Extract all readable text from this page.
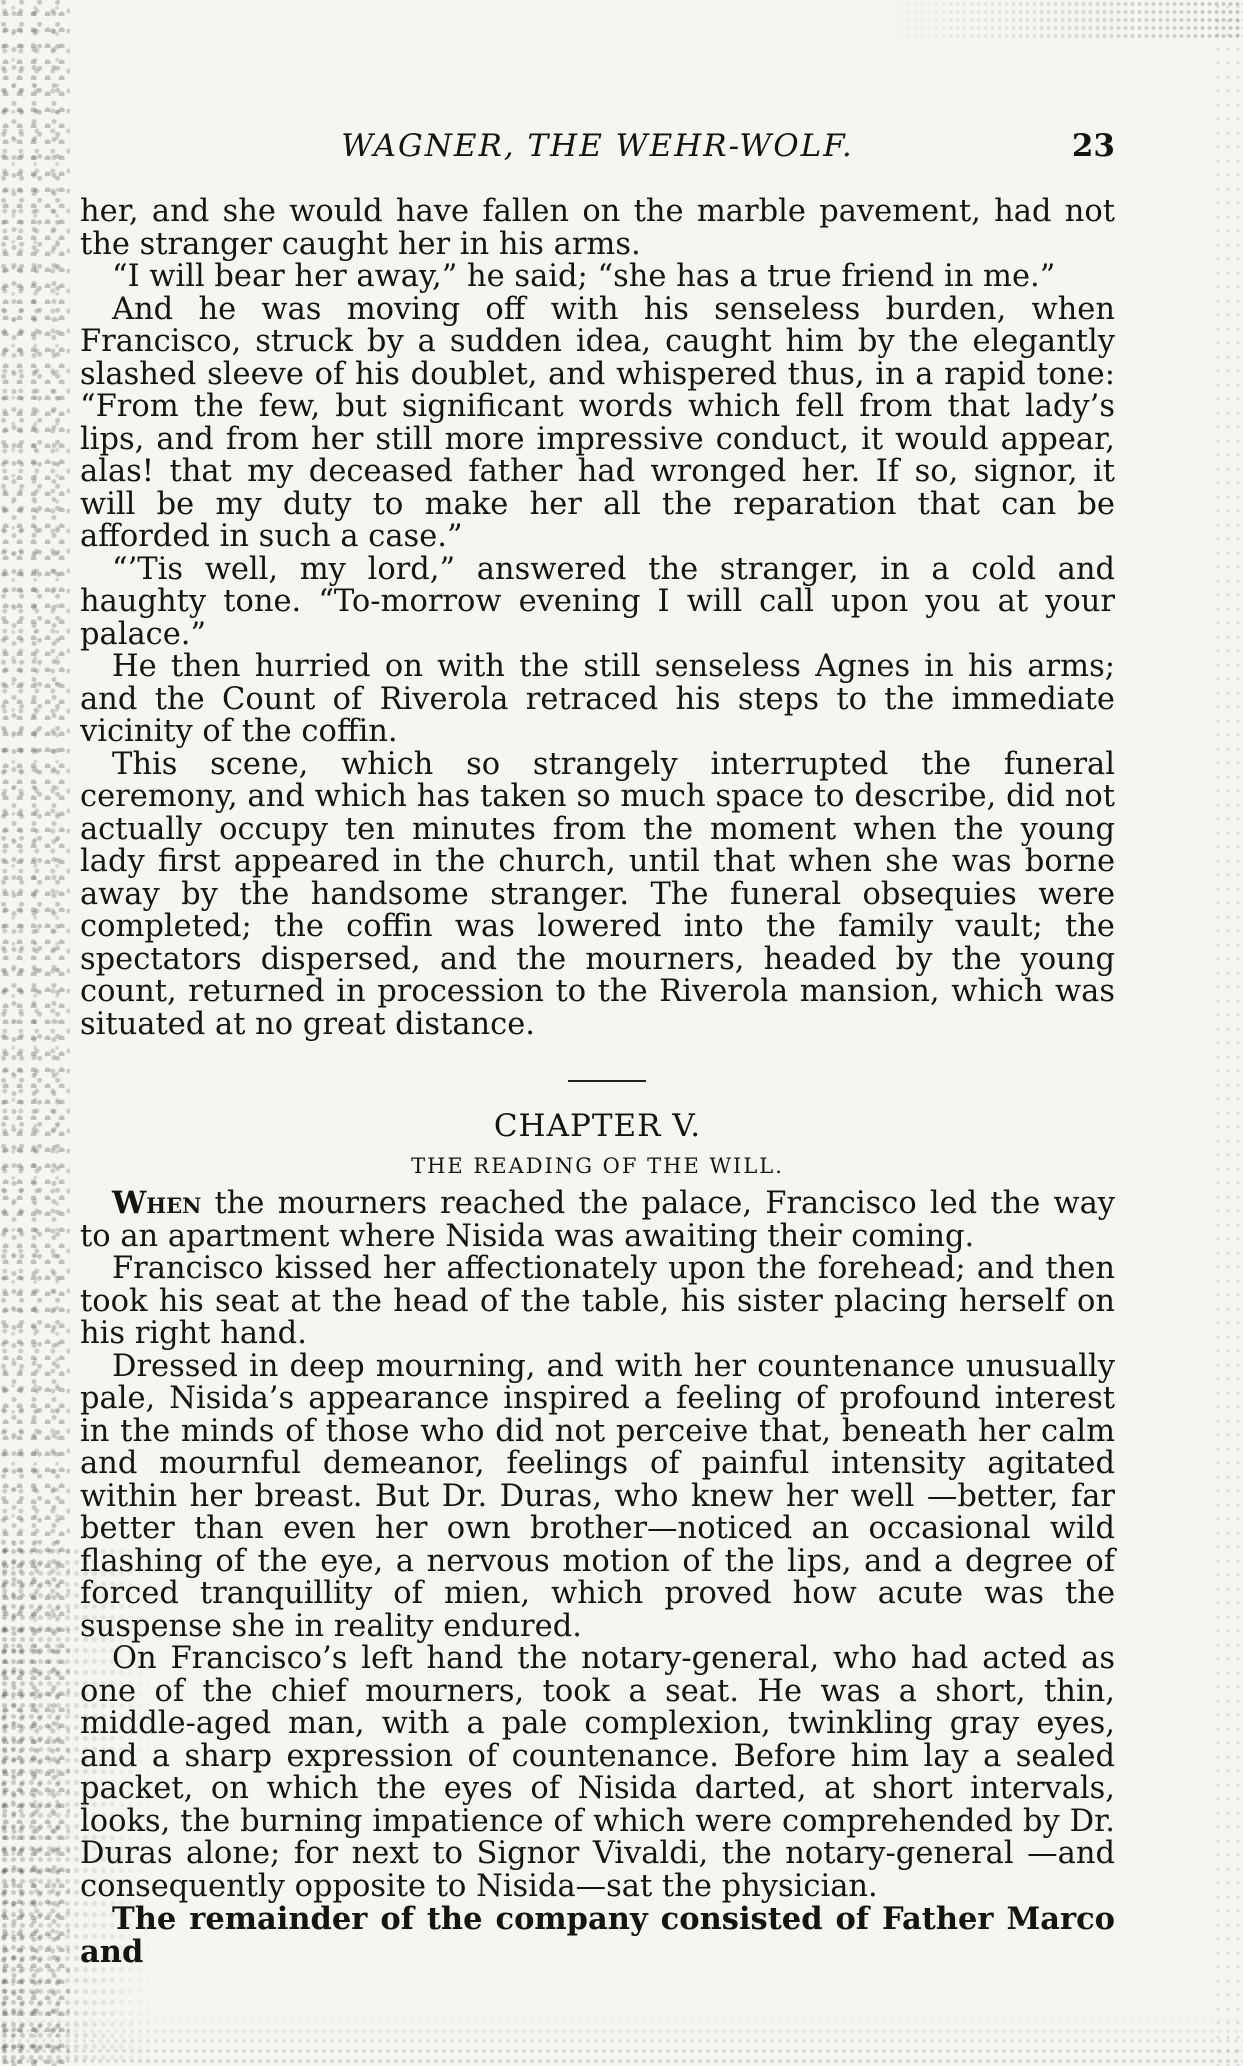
WAGNER, THE WEHR-WOLF.	23

her, and she would have fallen on the marble pavement, had not the stranger caught her in his arms.

“I will bear her away,” he said; “she has a true friend in me.”

And he was moving off with his senseless burden, when Francisco, struck by a sudden idea, caught him by the elegantly slashed sleeve of his doublet, and whispered thus, in a rapid tone: “From the few, but significant words which fell from that lady’s lips, and from her still more impressive conduct, it would appear, alas! that my deceased father had wronged her. If so, signor, it will be my duty to make her all the reparation that can be afforded in such a case.”

“’Tis well, my lord,” answered the stranger, in a cold and haughty tone. “To-morrow evening I will call upon you at your palace.”

He then hurried on with the still senseless Agnes in his arms; and the Count of Riverola retraced his steps to the immediate vicinity of the coffin.

This scene, which so strangely interrupted the funeral ceremony, and which has taken so much space to describe, did not actually occupy ten minutes from the moment when the young lady first appeared in the church, until that when she was borne away by the handsome stranger. The funeral obsequies were completed; the coffin was lowered into the family vault; the spectators dispersed, and the mourners, headed by the young count, returned in procession to the Riverola mansion, which was situated at no great distance.

CHAPTER V.
THE READING OF THE WILL.

When the mourners reached the palace, Francisco led the way to an apartment where Nisida was awaiting their coming.

Francisco kissed her affectionately upon the forehead; and then took his seat at the head of the table, his sister placing herself on his right hand.

Dressed in deep mourning, and with her countenance unusually pale, Nisida’s appearance inspired a feeling of profound interest in the minds of those who did not perceive that, beneath her calm and mournful demeanor, feelings of painful intensity agitated within her breast. But Dr. Duras, who knew her well —better, far better than even her own brother—noticed an occasional wild flashing of the eye, a nervous motion of the lips, and a degree of forced tranquillity of mien, which proved how acute was the suspense she in reality endured.

On Francisco’s left hand the notary-general, who had acted as one of the chief mourners, took a seat. He was a short, thin, middle-aged man, with a pale complexion, twinkling gray eyes, and a sharp expression of countenance. Before him lay a sealed packet, on which the eyes of Nisida darted, at short intervals, looks, the burning impatience of which were comprehended by Dr. Duras alone; for next to Signor Vivaldi, the notary-general —and consequently opposite to Nisida—sat the physician.

The remainder of the company consisted of Father Marco and
